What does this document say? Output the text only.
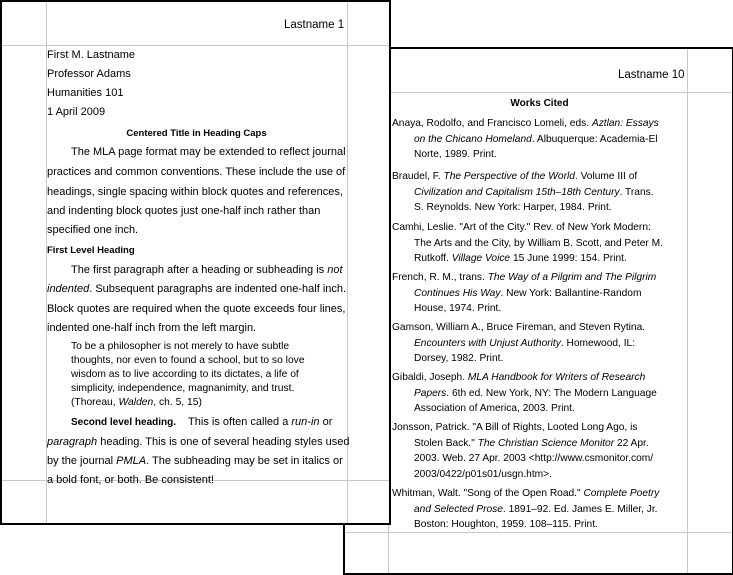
Lastname 10
Works Cited
Anaya, Rodolfo, and Francisco Lomeli, eds. Aztlan: Essays
on the Chicano Homeland. Albuquerque: Academia-El
Norte, 1989. Print.
Braudel, F. The Perspective of the World. Volume III of
Civilization and Capitalism 15th–18th Century. Trans.
S. Reynolds. New York: Harper, 1984. Print.
Camhi, Leslie. "Art of the City." Rev. of New York Modern:
The Arts and the City, by William B. Scott, and Peter M.
Rutkoff. Village Voice 15 June 1999: 154. Print.
French, R. M., trans. The Way of a Pilgrim and The Pilgrim
Continues His Way. New York: Ballantine-Random
House, 1974. Print.
Gamson, William A., Bruce Fireman, and Steven Rytina.
Encounters with Unjust Authority. Homewood, IL:
Dorsey, 1982. Print.
Gibaldi, Joseph. MLA Handbook for Writers of Research
Papers. 6th ed. New York, NY: The Modern Language
Association of America, 2003. Print.
Jonsson, Patrick. "A Bill of Rights, Looted Long Ago, is
Stolen Back." The Christian Science Monitor 22 Apr.
2003. Web. 27 Apr. 2003 <http://www.csmonitor.com/
2003/0422/p01s01/usgn.htm>.
Whitman, Walt. "Song of the Open Road." Complete Poetry
and Selected Prose. 1891–92. Ed. James E. Miller, Jr.
Boston: Houghton, 1959. 108–115. Print.
Lastname 1
First M. Lastname
Professor Adams
Humanities 101
1 April 2009
Centered Title in Heading Caps
The MLA page format may be extended to reflect journal
practices and common conventions. These include the use of
headings, single spacing within block quotes and references,
and indenting block quotes just one-half inch rather than
specified one inch.
First Level Heading
The first paragraph after a heading or subheading is not
indented. Subsequent paragraphs are indented one-half inch.
Block quotes are required when the quote exceeds four lines,
indented one-half inch from the left margin.
To be a philosopher is not merely to have subtle
thoughts, nor even to found a school, but to so love
wisdom as to live according to its dictates, a life of
simplicity, independence, magnanimity, and trust.
(Thoreau, Walden, ch. 5, 15)
Second level heading.    This is often called a run-in or
paragraph heading. This is one of several heading styles used
by the journal PMLA. The subheading may be set in italics or
a bold font, or both. Be consistent!
